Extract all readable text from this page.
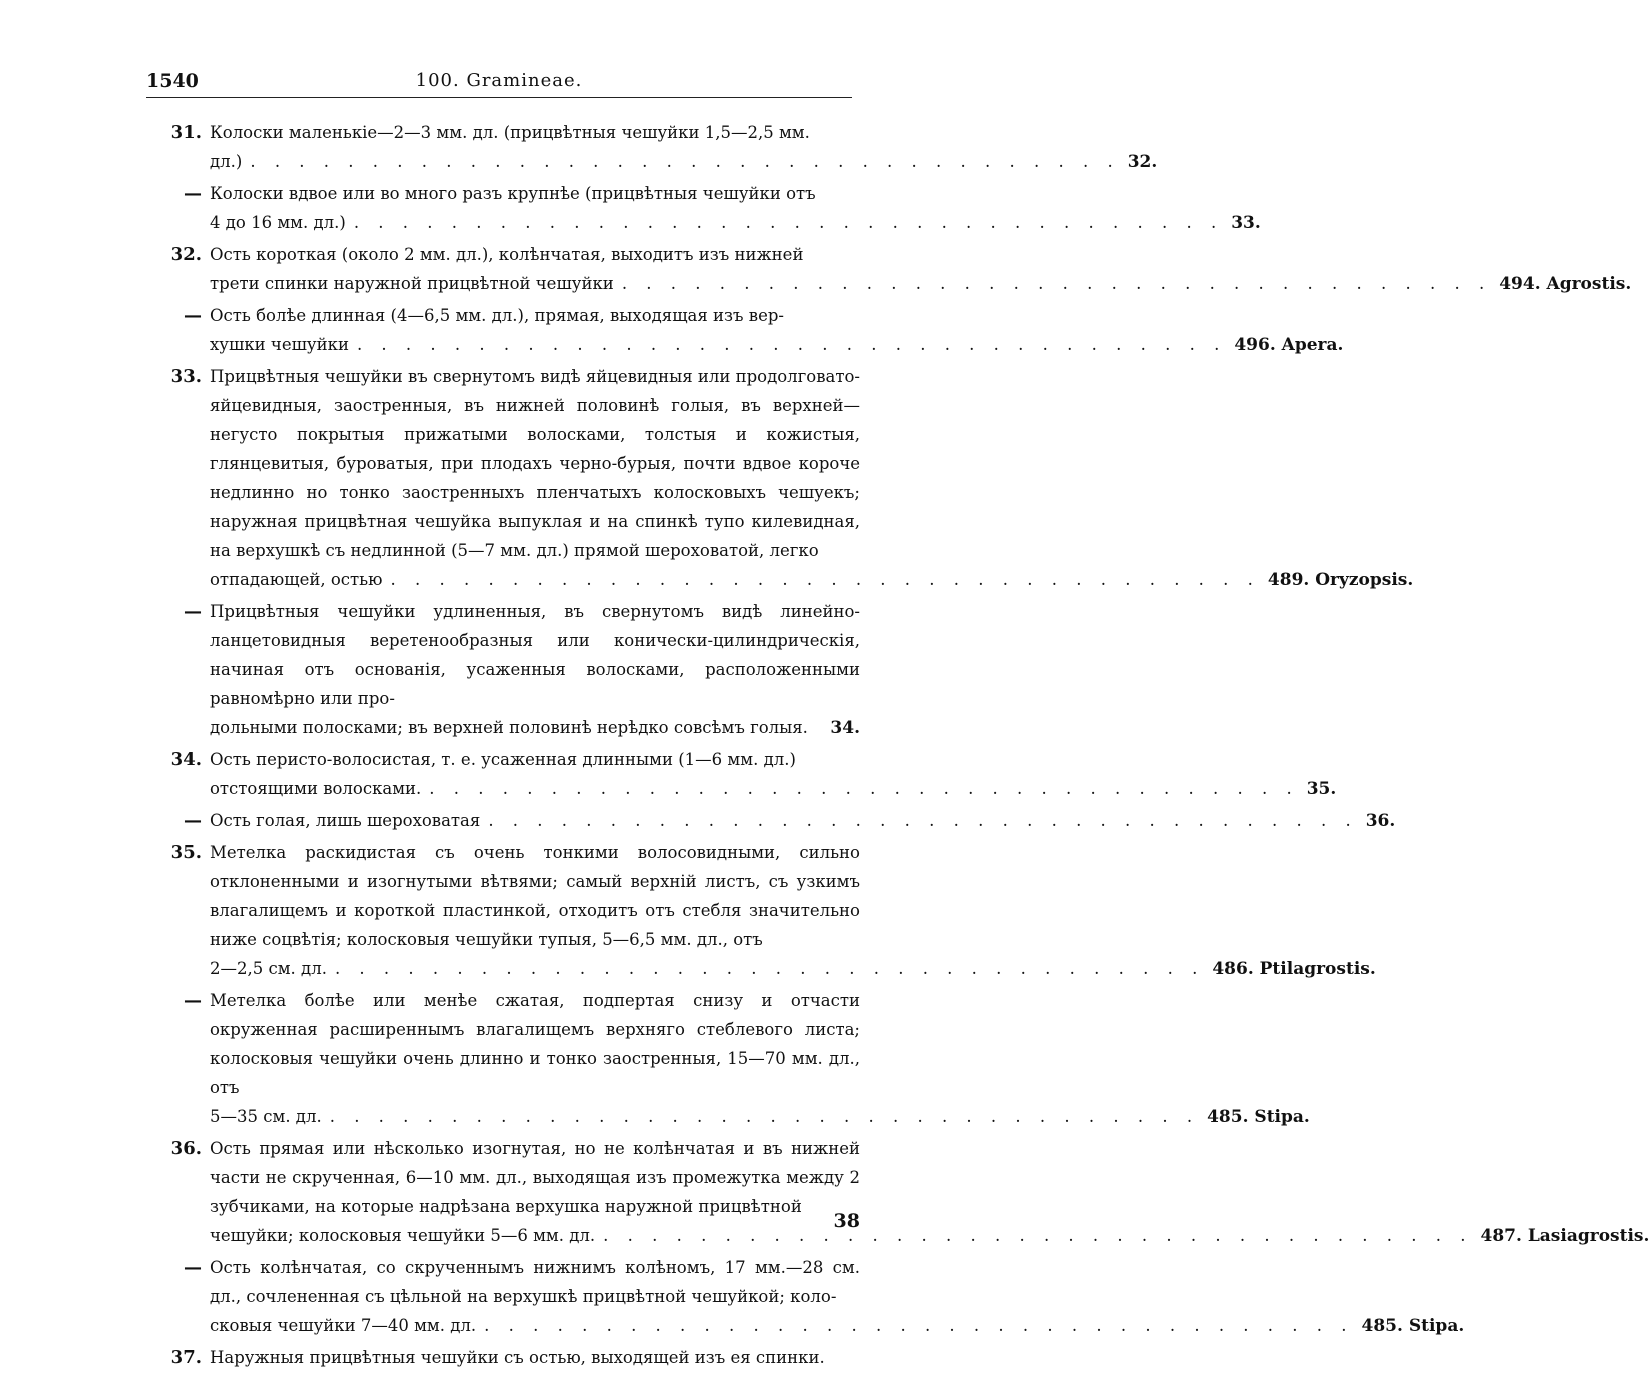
1540	100. Gramineae.
31. Колоски маленькіе—2—3 мм. дл. (прицвѣтныя чешуйки 1,5—2,5 мм.
дл.) . . . . . . . . . . . . . . . . . . . . . . . . . . . . . . . . . . . . 32.
— Колоски вдвое или во много разъ крупнѣе (прицвѣтныя чешуйки отъ
4 до 16 мм. дл.) . . . . . . . . . . . . . . . . . . . . . . . . . . . . . . . . . . . . 33.
32. Ость короткая (около 2 мм. дл.), колѣнчатая, выходитъ изъ нижней
трети спинки наружной прицвѣтной чешуйки . . . . . . . . . . . . . . . . . . . . . . . . . . . . . . . . . . . . 494. Agrostis.
— Ость болѣе длинная (4—6,5 мм. дл.), прямая, выходящая изъ вер-
хушки чешуйки . . . . . . . . . . . . . . . . . . . . . . . . . . . . . . . . . . . . 496. Apera.
33. Прицвѣтныя чешуйки въ свернутомъ видѣ яйцевидныя или продолговато-яйцевидныя, заостренныя, въ нижней половинѣ голыя, въ верхней— негусто покрытыя прижатыми волосками, толстыя и кожистыя, глянцевитыя, буроватыя, при плодахъ черно-бурыя, почти вдвое короче недлинно но тонко заостренныхъ пленчатыхъ колосковыхъ чешуекъ; наружная прицвѣтная чешуйка выпуклая и на спинкѣ тупо килевидная, на верхушкѣ съ недлинной (5—7 мм. дл.) прямой шероховатой, легко
отпадающей, остью . . . . . . . . . . . . . . . . . . . . . . . . . . . . . . . . . . . . 489. Oryzopsis.
— Прицвѣтныя чешуйки удлиненныя, въ свернутомъ видѣ линейно-ланцетовидныя веретенообразныя или конически-цилиндрическія, начиная отъ основанія, усаженныя волосками, расположенными равномѣрно или про-
дольными полосками; въ верхней половинѣ нерѣдко совсѣмъ голыя. 34.
34. Ость перисто-волосистая, т. е. усаженная длинными (1—6 мм. дл.)
отстоящими волосками. . . . . . . . . . . . . . . . . . . . . . . . . . . . . . . . . . . . . 35.
— Ость голая, лишь шероховатая . . . . . . . . . . . . . . . . . . . . . . . . . . . . . . . . . . . . 36.
35. Метелка раскидистая съ очень тонкими волосовидными, сильно отклоненными и изогнутыми вѣтвями; самый верхній листъ, съ узкимъ влагалищемъ и короткой пластинкой, отходитъ отъ стебля значительно ниже соцвѣтія; колосковыя чешуйки тупыя, 5—6,5 мм. дл., отъ
2—2,5 см. дл. . . . . . . . . . . . . . . . . . . . . . . . . . . . . . . . . . . . . 486. Ptilagrostis.
— Метелка болѣе или менѣе сжатая, подпертая снизу и отчасти окруженная расширеннымъ влагалищемъ верхняго стеблевого листа; колосковыя чешуйки очень длинно и тонко заостренныя, 15—70 мм. дл., отъ
5—35 см. дл. . . . . . . . . . . . . . . . . . . . . . . . . . . . . . . . . . . . . 485. Stipa.
36. Ость прямая или нѣсколько изогнутая, но не колѣнчатая и въ нижней части не скрученная, 6—10 мм. дл., выходящая изъ промежутка между 2 зубчиками, на которые надрѣзана верхушка наружной прицвѣтной
чешуйки; колосковыя чешуйки 5—6 мм. дл. . . . . . . . . . . . . . . . . . . . . . . . . . . . . . . . . . . . . 487. Lasiagrostis.
— Ость колѣнчатая, со скрученнымъ нижнимъ колѣномъ, 17 мм.—28 см. дл., сочлененная съ цѣльной на верхушкѣ прицвѣтной чешуйкой; коло-
сковыя чешуйки 7—40 мм. дл. . . . . . . . . . . . . . . . . . . . . . . . . . . . . . . . . . . . . 485. Stipa.
37. Наружныя прицвѣтныя чешуйки съ остью, выходящей изъ ея спинки.
38
